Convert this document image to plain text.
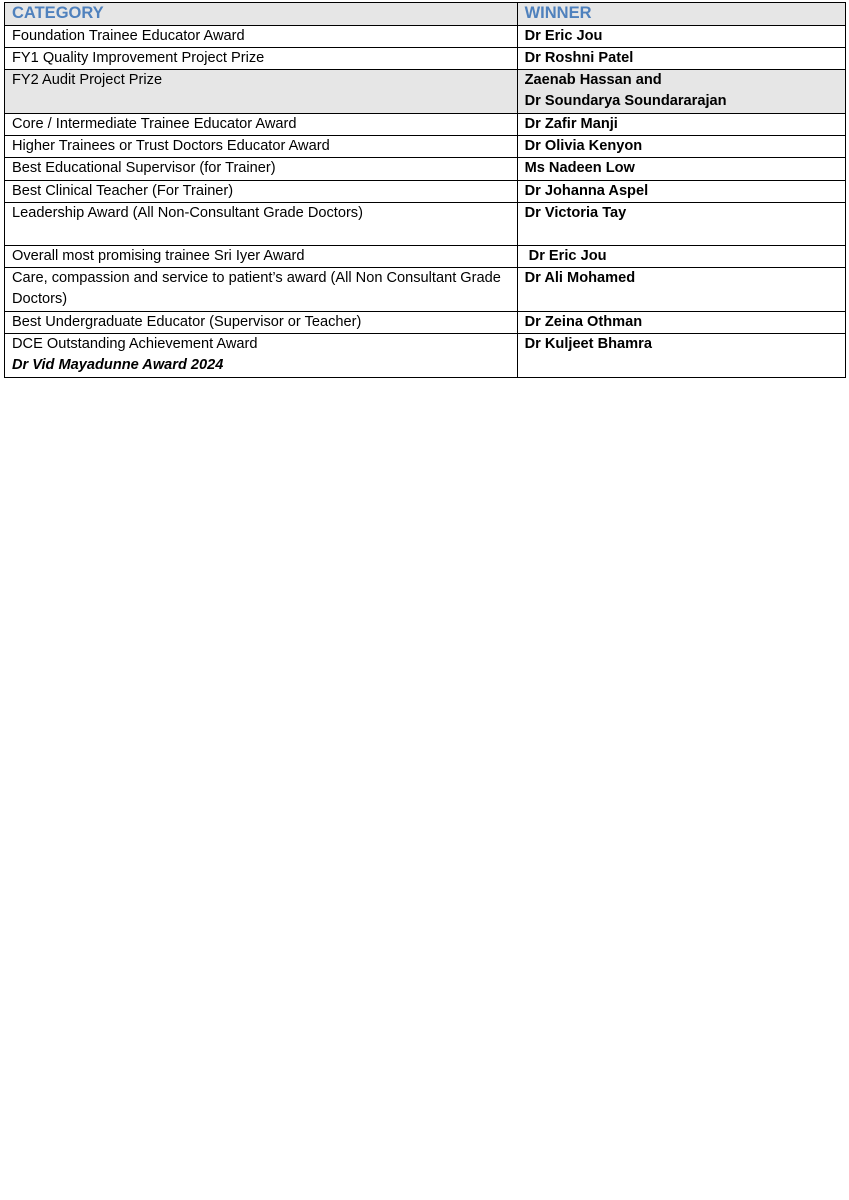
CATEGORY	WINNER
Foundation Trainee Educator Award	Dr Eric Jou

FY1 Quality Improvement Project Prize	Dr Roshni Patel

FY2 Audit Project Prize	Zaenab Hassan and
Dr Soundarya Soundararajan

Core / Intermediate Trainee Educator Award	Dr Zafir Manji

Higher Trainees or Trust Doctors Educator Award	Dr Olivia Kenyon

Best Educational Supervisor (for Trainer)	Ms Nadeen Low

Best Clinical Teacher (For Trainer)	Dr Johanna Aspel

Leadership Award (All Non-Consultant Grade Doctors)	Dr Victoria Tay

Overall most promising trainee Sri Iyer Award	Dr Eric Jou

Care, compassion and service to patient’s award (All Non Consultant Grade Doctors)	Dr Ali Mohamed

Best Undergraduate Educator (Supervisor or Teacher)	Dr Zeina Othman

DCE Outstanding Achievement Award
Dr Vid Mayadunne Award 2024	Dr Kuljeet Bhamra
